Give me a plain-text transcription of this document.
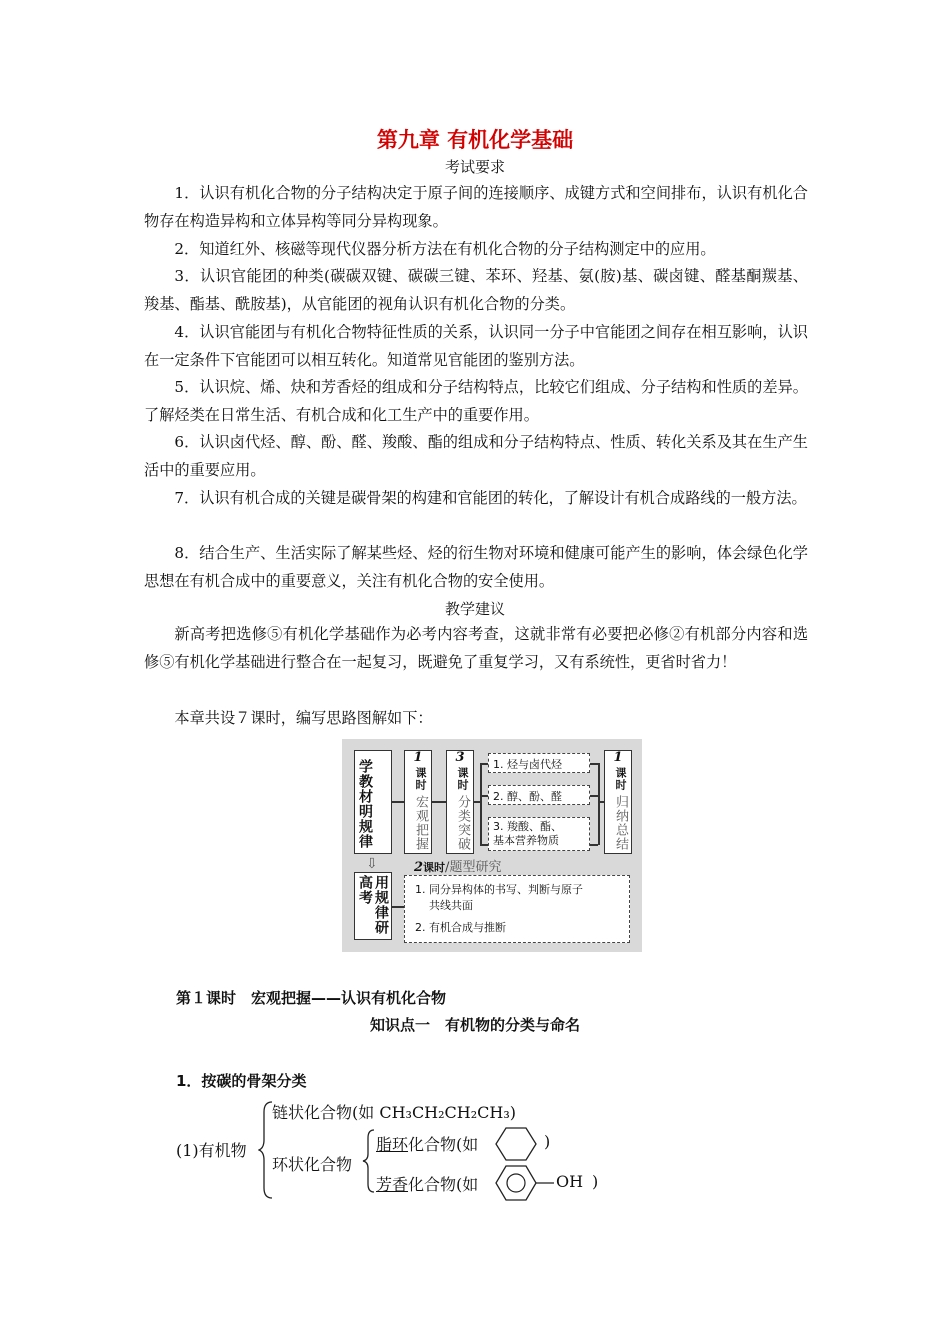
第九章 有机化学基础
考试要求
1．认识有机化合物的分子结构决定于原子间的连接顺序、成键方式和空间排布，认识有机化合物存在构造异构和立体异构等同分异构现象。
2．知道红外、核磁等现代仪器分析方法在有机化合物的分子结构测定中的应用。
3．认识官能团的种类(碳碳双键、碳碳三键、苯环、羟基、氨(胺)基、碳卤键、醛基酮羰基、羧基、酯基、酰胺基)，从官能团的视角认识有机化合物的分类。
4．认识官能团与有机化合物特征性质的关系，认识同一分子中官能团之间存在相互影响，认识在一定条件下官能团可以相互转化。知道常见官能团的鉴别方法。
5．认识烷、烯、炔和芳香烃的组成和分子结构特点，比较它们组成、分子结构和性质的差异。了解烃类在日常生活、有机合成和化工生产中的重要作用。
6．认识卤代烃、醇、酚、醛、羧酸、酯的组成和分子结构特点、性质、转化关系及其在生产生活中的重要应用。
7．认识有机合成的关键是碳骨架的构建和官能团的转化，了解设计有机合成路线的一般方法。
8．结合生产、生活实际了解某些烃、烃的衍生物对环境和健康可能产生的影响，体会绿色化学思想在有机合成中的重要意义，关注有机化合物的安全使用。
教学建议
新高考把选修⑤有机化学基础作为必考内容考查，这就非常有必要把必修②有机部分内容和选修⑤有机化学基础进行整合在一起复习，既避免了重复学习，又有系统性，更省时省力！
本章共设７课时，编写思路图解如下：
学教材明规律
⇩
用规律研高考
1
课时
宏观把握
3
课时
分类突破
1. 烃与卤代烃
2. 醇、酚、醛
3. 羧酸、酯、
基本营养物质
1
课时
归纳总结
2课时/题型研究
1. 同分异构体的书写、判断与原子
共线共面
2. 有机合成与推断
第１课时　宏观把握——认识有机化合物
知识点一　有机物的分类与命名
1．按碳的骨架分类
(1)有机物
链状化合物(如 CH₃CH₂CH₂CH₃)
环状化合物
脂环化合物(如	)
芳香化合物(如	OH )
